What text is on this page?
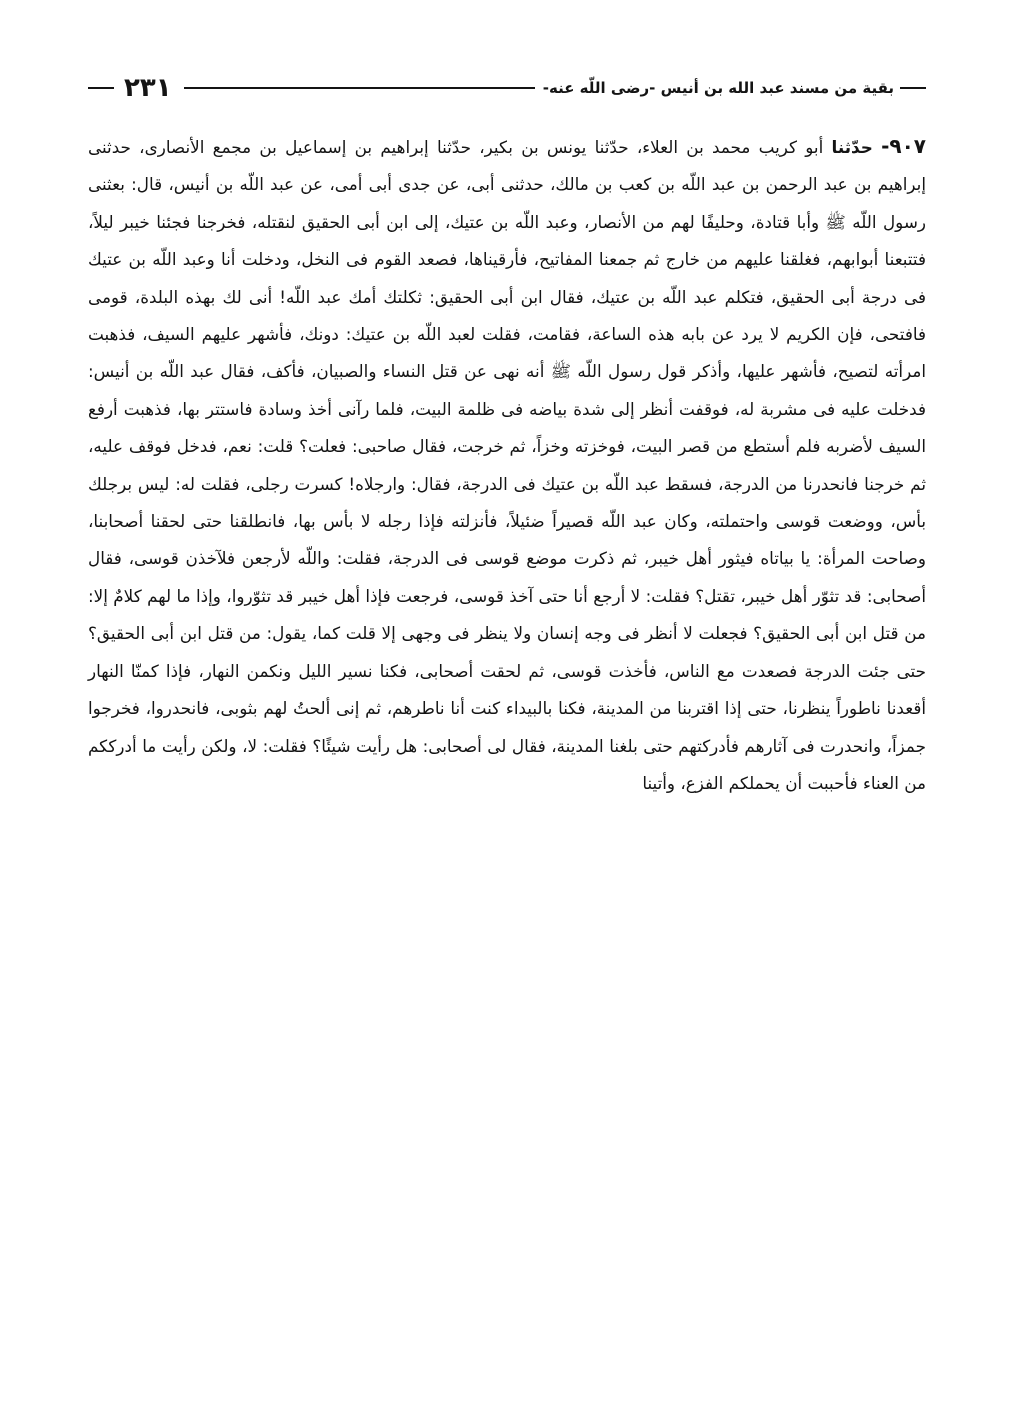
٢٣١	بقية من مسند عبد الله بن أنيس -رضى اللّه عنه-
٩٠٧- حدّثنا أبو كريب محمد بن العلاء، حدّثنا يونس بن بكير، حدّثنا إبراهيم بن إسماعيل بن مجمع الأنصارى، حدثنى إبراهيم بن عبد الرحمن بن عبد اللّه بن كعب بن مالك، حدثنى أبى، عن جدى أبى أمى، عن عبد اللّه بن أنيس، قال: بعثنى رسول اللّه ﷺ وأبا قتادة، وحليفًا لهم من الأنصار، وعبد اللّه بن عتيك، إلى ابن أبى الحقيق لنقتله، فخرجنا فجئنا خيبر ليلاً، فتتبعنا أبوابهم، فغلقنا عليهم من خارج ثم جمعنا المفاتيح، فأرقيناها، فصعد القوم فى النخل، ودخلت أنا وعبد اللّه بن عتيك فى درجة أبى الحقيق، فتكلم عبد اللّه بن عتيك، فقال ابن أبى الحقيق: ثكلتك أمك عبد اللّه! أنى لك بهذه البلدة، قومى فافتحى، فإن الكريم لا يرد عن بابه هذه الساعة، فقامت، فقلت لعبد اللّه بن عتيك: دونك، فأشهر عليهم السيف، فذهبت امرأته لتصيح، فأشهر عليها، وأذكر قول رسول اللّه ﷺ أنه نهى عن قتل النساء والصبيان، فأكف، فقال عبد اللّه بن أنيس: فدخلت عليه فى مشربة له، فوقفت أنظر إلى شدة بياضه فى ظلمة البيت، فلما رآنى أخذ وسادة فاستتر بها، فذهبت أرفع السيف لأضربه فلم أستطع من قصر البيت، فوخزته وخزاً، ثم خرجت، فقال صاحبى: فعلت؟ قلت: نعم، فدخل فوقف عليه، ثم خرجنا فانحدرنا من الدرجة، فسقط عبد اللّه بن عتيك فى الدرجة، فقال: وارجلاه! كسرت رجلى، فقلت له: ليس برجلك بأس، ووضعت قوسى واحتملته، وكان عبد اللّه قصيراً ضئيلاً، فأنزلته فإذا رجله لا بأس بها، فانطلقنا حتى لحقنا أصحابنا، وصاحت المرأة: يا بياتاه فيثور أهل خيبر، ثم ذكرت موضع قوسى فى الدرجة، فقلت: واللّه لأرجعن فلآخذن قوسى، فقال أصحابى: قد تثوّر أهل خيبر، تقتل؟ فقلت: لا أرجع أنا حتى آخذ قوسى، فرجعت فإذا أهل خيبر قد تثوّروا، وإذا ما لهم كلامٌ إلا: من قتل ابن أبى الحقيق؟ فجعلت لا أنظر فى وجه إنسان ولا ينظر فى وجهى إلا قلت كما، يقول: من قتل ابن أبى الحقيق؟ حتى جئت الدرجة فصعدت مع الناس، فأخذت قوسى، ثم لحقت أصحابى، فكنا نسير الليل ونكمن النهار، فإذا كمنّا النهار أقعدنا ناطوراً ينظرنا، حتى إذا اقتربنا من المدينة، فكنا بالبيداء كنت أنا ناطرهم، ثم إنى ألحتُ لهم بثوبى، فانحدروا، فخرجوا جمزاً، وانحدرت فى آثارهم فأدركتهم حتى بلغنا المدينة، فقال لى أصحابى: هل رأيت شيئًا؟ فقلت: لا، ولكن رأيت ما أدرككم من العناء فأحببت أن يحملكم الفزع، وأتينا
